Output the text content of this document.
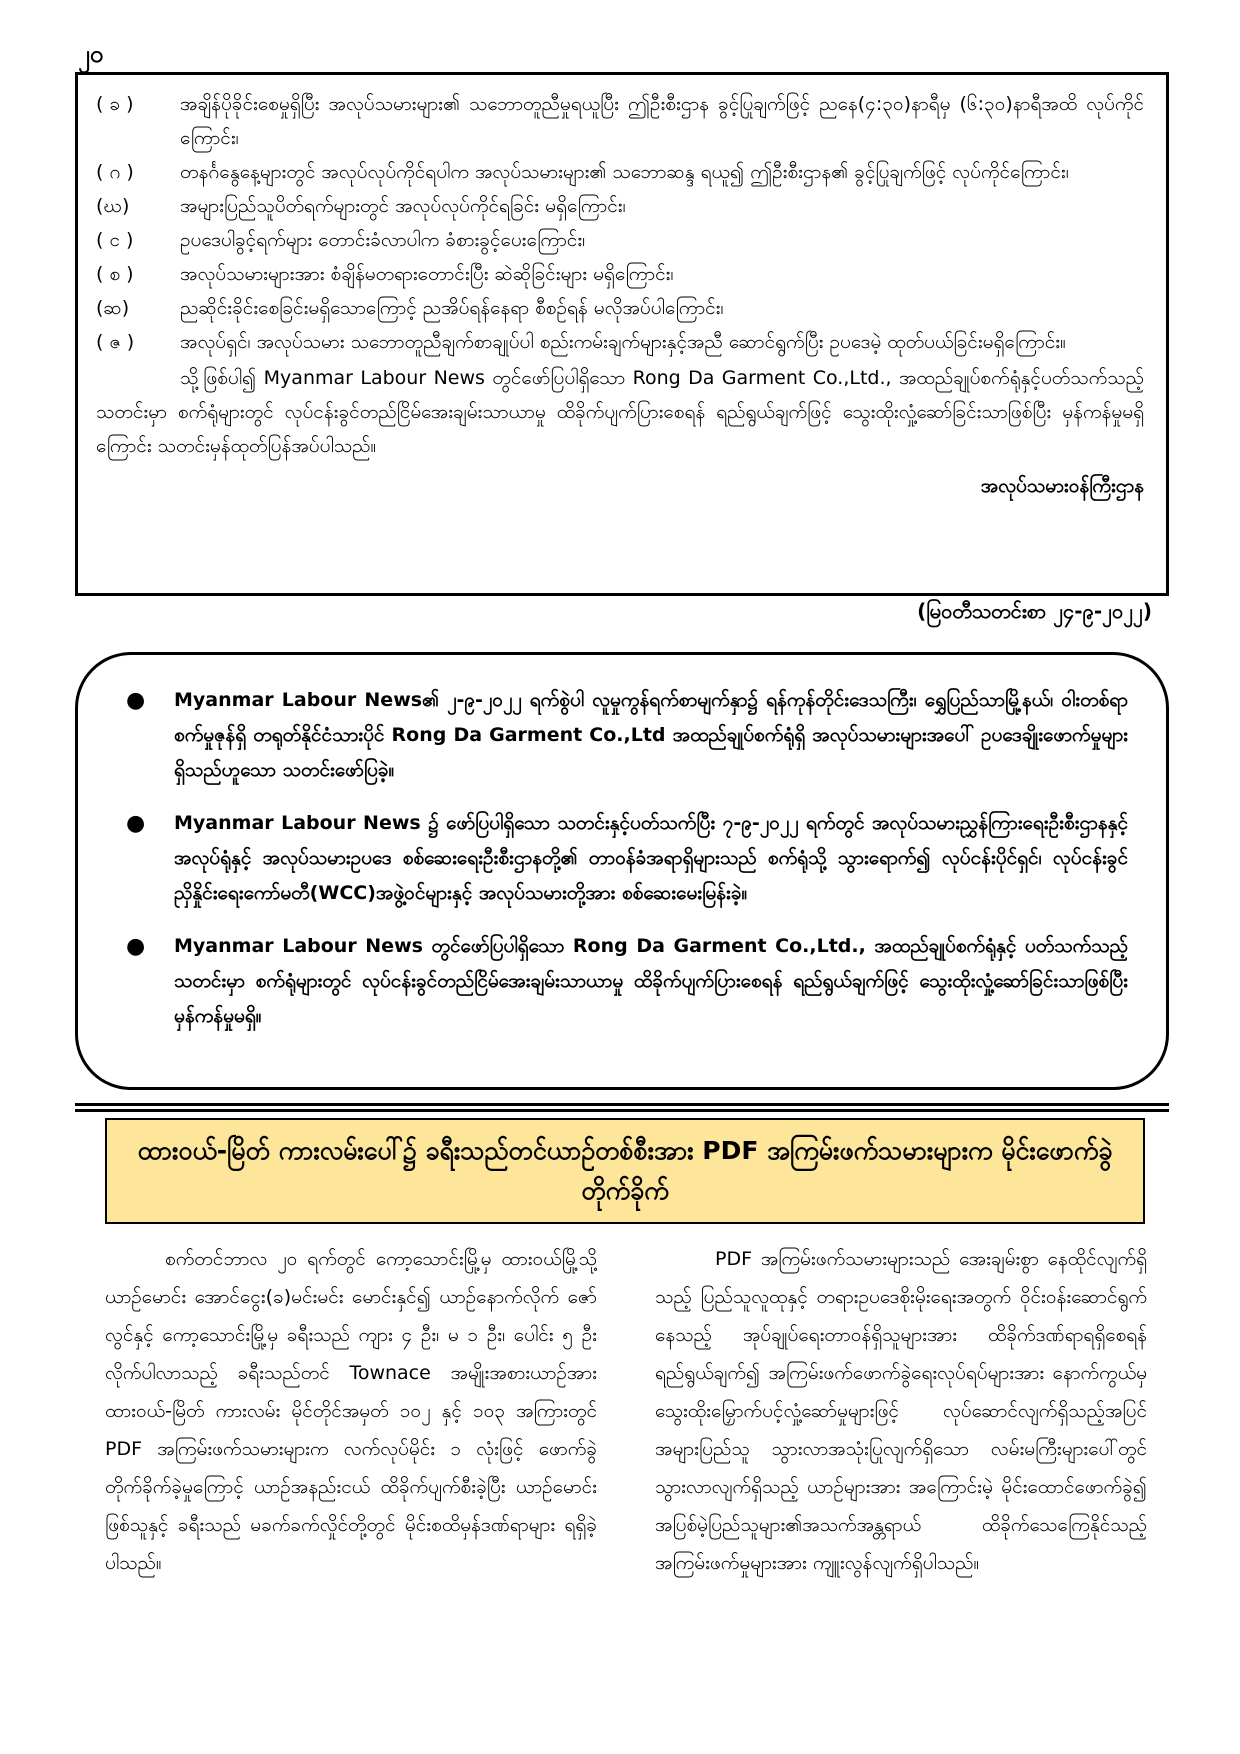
၂၀
( ခ )	အချိန်ပိုခိုင်းစေမှုရှိပြီး အလုပ်သမားများ၏ သဘောတူညီမှုရယူပြီး ဤဦးစီးဌာန ခွင့်ပြုချက်ဖြင့် ညနေ(၄:၃၀)နာရီမှ (၆:၃၀)နာရီအထိ လုပ်ကိုင်ကြောင်း၊
( ဂ )	တနင်္ဂနွေနေ့များတွင် အလုပ်လုပ်ကိုင်ရပါက အလုပ်သမားများ၏ သဘောဆန္ဒ ရယူ၍ ဤဦးစီးဌာန၏ ခွင့်ပြုချက်ဖြင့် လုပ်ကိုင်ကြောင်း၊
(ဃ)	အများပြည်သူပိတ်ရက်များတွင် အလုပ်လုပ်ကိုင်ရခြင်း မရှိကြောင်း၊
( င )	ဥပဒေပါခွင့်ရက်များ တောင်းခံလာပါက ခံစားခွင့်ပေးကြောင်း၊
( စ )	အလုပ်သမားများအား စံချိန်မတရားတောင်းပြီး ဆဲဆိုခြင်းများ မရှိကြောင်း၊
(ဆ)	ညဆိုင်းခိုင်းစေခြင်းမရှိသောကြောင့် ညအိပ်ရန်နေရာ စီစဉ်ရန် မလိုအပ်ပါကြောင်း၊
( ဇ )	အလုပ်ရှင်၊ အလုပ်သမား သဘောတူညီချက်စာချုပ်ပါ စည်းကမ်းချက်များနှင့်အညီ ဆောင်ရွက်ပြီး ဥပဒေမဲ့ ထုတ်ပယ်ခြင်းမရှိကြောင်း။

သို့ဖြစ်ပါ၍ Myanmar Labour News တွင်ဖော်ပြပါရှိသော Rong Da Garment Co.,Ltd., အထည်ချုပ်စက်ရုံနှင့်ပတ်သက်သည့်သတင်းမှာ စက်ရုံများတွင် လုပ်ငန်းခွင်တည်ငြိမ်အေးချမ်းသာယာမှု ထိခိုက်ပျက်ပြားစေရန် ရည်ရွယ်ချက်ဖြင့် သွေးထိုးလှုံ့ဆော်ခြင်းသာဖြစ်ပြီး မှန်ကန်မှုမရှိကြောင်း သတင်းမှန်ထုတ်ပြန်အပ်ပါသည်။

အလုပ်သမားဝန်ကြီးဌာန

(မြဝတီသတင်းစာ ၂၄-၉-၂၀၂၂)
●	Myanmar Labour News၏ ၂-၉-၂၀၂၂ ရက်စွဲပါ လူမှုကွန်ရက်စာမျက်နှာ၌ ရန်ကုန်တိုင်းဒေသကြီး၊ ရွှေပြည်သာမြို့နယ်၊ ဝါးတစ်ရာစက်မှုဇုန်ရှိ တရုတ်နိုင်ငံသားပိုင် Rong Da Garment Co.,Ltd အထည်ချုပ်စက်ရုံရှိ အလုပ်သမားများအပေါ် ဥပဒေချိုးဖောက်မှုများရှိသည်ဟူသော သတင်းဖော်ပြခဲ့။
●	Myanmar Labour News ၌ ဖော်ပြပါရှိသော သတင်းနှင့်ပတ်သက်ပြီး ၇-၉-၂၀၂၂ ရက်တွင် အလုပ်သမားညွှန်ကြားရေးဦးစီးဌာနနှင့် အလုပ်ရုံနှင့် အလုပ်သမားဥပဒေ စစ်ဆေးရေးဦးစီးဌာနတို့၏ တာဝန်ခံအရာရှိများသည် စက်ရုံသို့ သွားရောက်၍ လုပ်ငန်းပိုင်ရှင်၊ လုပ်ငန်းခွင်ညှိနှိုင်းရေးကော်မတီ(WCC)အဖွဲ့ဝင်များနှင့် အလုပ်သမားတို့အား စစ်ဆေးမေးမြန်းခဲ့။
●	Myanmar Labour News တွင်ဖော်ပြပါရှိသော Rong Da Garment Co.,Ltd., အထည်ချုပ်စက်ရုံနှင့် ပတ်သက်သည့်သတင်းမှာ စက်ရုံများတွင် လုပ်ငန်းခွင်တည်ငြိမ်အေးချမ်းသာယာမှု ထိခိုက်ပျက်ပြားစေရန် ရည်ရွယ်ချက်ဖြင့် သွေးထိုးလှုံ့ဆော်ခြင်းသာဖြစ်ပြီး မှန်ကန်မှုမရှိ။
ထားဝယ်-မြိတ် ကားလမ်းပေါ်၌ ခရီးသည်တင်ယာဉ်တစ်စီးအား PDF အကြမ်းဖက်သမားများက မိုင်းဖောက်ခွဲတိုက်ခိုက်

စက်တင်ဘာလ ၂၀ ရက်တွင် ကော့သောင်းမြို့မှ ထားဝယ်မြို့သို့ ယာဉ်မောင်း အောင်ငွေး(ခ)မင်းမင်း မောင်းနှင်၍ ယာဉ်နောက်လိုက် ဇော်လွင်နှင့် ကော့သောင်းမြို့မှ ခရီးသည် ကျား ၄ ဦး၊ မ ၁ ဦး၊ ပေါင်း ၅ ဦး လိုက်ပါလာသည့် ခရီးသည်တင် Townace အမျိုးအစားယာဉ်အား ထားဝယ်-မြိတ် ကားလမ်း မိုင်တိုင်အမှတ် ၁၀၂ နှင့် ၁၀၃ အကြားတွင် PDF အကြမ်းဖက်သမားများက လက်လုပ်မိုင်း ၁ လုံးဖြင့် ဖောက်ခွဲတိုက်ခိုက်ခဲ့မှုကြောင့် ယာဉ်အနည်းငယ် ထိခိုက်ပျက်စီးခဲ့ပြီး ယာဉ်မောင်းဖြစ်သူနှင့် ခရီးသည် မခက်ခက်လှိုင်တို့တွင် မိုင်းစထိမှန်ဒဏ်ရာများ ရရှိခဲ့ပါသည်။

PDF အကြမ်းဖက်သမားများသည် အေးချမ်းစွာ နေထိုင်လျက်ရှိသည့် ပြည်သူလူထုနှင့် တရားဥပဒေစိုးမိုးရေးအတွက် ဝိုင်းဝန်းဆောင်ရွက်နေသည့် အုပ်ချုပ်ရေးတာဝန်ရှိသူများအား ထိခိုက်ဒဏ်ရာရရှိစေရန် ရည်ရွယ်ချက်၍ အကြမ်းဖက်ဖောက်ခွဲရေးလုပ်ရပ်များအား နောက်ကွယ်မှ သွေးထိုးမြှောက်ပင့်လှုံ့ဆော်မှုများဖြင့် လုပ်ဆောင်လျက်ရှိသည့်အပြင် အများပြည်သူ သွားလာအသုံးပြုလျက်ရှိသော လမ်းမကြီးများပေါ်တွင် သွားလာလျက်ရှိသည့် ယာဉ်များအား အကြောင်းမဲ့ မိုင်းထောင်ဖောက်ခွဲ၍ အပြစ်မဲ့ပြည်သူများ၏အသက်အန္တရာယ် ထိခိုက်သေကြေနိုင်သည့် အကြမ်းဖက်မှုများအား ကျူးလွန်လျက်ရှိပါသည်။
